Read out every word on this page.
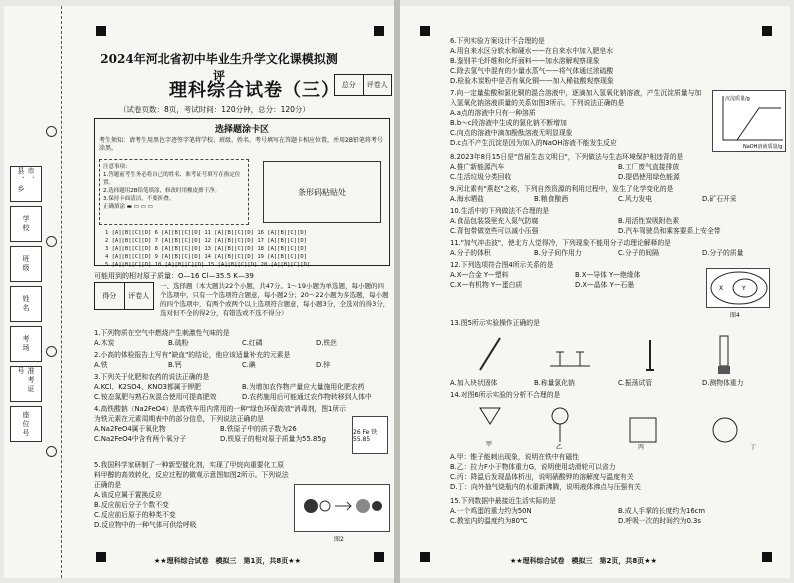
市、县、乡
学校
班级
姓名
考场
准考证号
座位号
2024年河北省初中毕业生升学文化课模拟测评
理科综合试卷（三） 总分	评卷人
（试卷页数：8页，考试时间：120分钟，总分：120分）
选择题涂卡区
考生须知：请考生用黑色字迹签字笔将学校、班级、姓名、考号填写在答题卡相应位置，并用2B铅笔将考号涂黑。
注意事项：
1.答题前考生务必将自己的姓名、准考证号填写在指定位置。
2.选择题用2B铅笔填涂，修改时用橡皮擦干净。
3.保持卡面清洁，不要折叠。
正确填涂 ▬ ▭ ▭ ▭
条形码粘贴处
1 [A][B][C][D] 6 [A][B][C][D] 11 [A][B][C][D] 16 [A][B][C][D]
2 [A][B][C][D] 7 [A][B][C][D] 12 [A][B][C][D] 17 [A][B][C][D]
3 [A][B][C][D] 8 [A][B][C][D] 13 [A][B][C][D] 18 [A][B][C][D]
4 [A][B][C][D] 9 [A][B][C][D] 14 [A][B][C][D] 19 [A][B][C][D]
5 [A][B][C][D] 10 [A][B][C][D] 15 [A][B][C][D] 20 [A][B][C][D]
可能用到的相对原子质量：O—16 Cl—35.5 K—39
得分	评卷人
一、选择题（本大题共22个小题，共47分。1～19小题为单选题，每小题的四个选项中，只有一个选项符合题意，每小题2分；20～22小题为多选题，每小题的四个选项中，有两个或两个以上选项符合题意，每小题3分，全选对的得3分，选对但不全的得2分，有错选或不选不得分）
1.下列物质在空气中燃烧产生刺激性气味的是
A.木炭	B.硫粉	C.红磷	D.铁丝
2.小高的体检报告上写有"缺血"的结论，他应该适量补充的元素是
A.铁	B.钙	C.碘	D.锌
3.下列关于化肥和农药的说法正确的是
A.KCl、K2SO4、KNO3都属于钾肥	B.为增加农作物产量应大量施用化肥农药
C.铵态氮肥与熟石灰混合使用可提高肥效	D.农药施用后可能通过农作物转移到人体中
4.高铁酸钠（Na2FeO4）是高铁车用内常用的一种"绿色环保高效"消毒剂，图1所示为铁元素在元素周期表中的部分信息，下列说法正确的是
A.Na2FeO4属于氧化物	B.铁原子中的质子数为26
C.Na2FeO4中含有两个氧分子	D.铁原子的相对原子质量为55.85g
26 Fe 铁 55.85
5.我国科学家研制了一种新型催化剂，实现了甲烷向重要化工原料甲醇的高效转化，反应过程的微观示意图如图2所示。下列说法正确的是
A.该反应属于置换反应
B.反应前后分子个数不变
C.反应前后原子的种类不变
D.反应物中的一种气体可供给呼吸
图2
★★理科综合试卷　模拟三　第1页，共8页★★
6.下列实验方案设计不合理的是
A.用自来水区分软水和硬水——在自来水中加入肥皂水
B.鉴别羊毛纤维和化纤面料——加水溶解观察现象
C.除去氢气中混有的少量水蒸气——将气体通过浓硫酸
D.检验木炭粉中是否有氧化铜——加入稀盐酸观察现象
7.向一定量盐酸和氯化铜的混合溶液中，逐滴加入氢氧化钠溶液，产生沉淀质量与加入氢氧化钠溶液质量的关系如图3所示。下列说法正确的是
A.a点的溶液中只有一种溶质
B.b～c段溶液中生成的氯化钠不断增加
C.向点的溶液中滴加酚酞溶液无明显现象
D.c点不产生沉淀是因为加入的NaOH溶液不能发生反应
沉淀质量/g
NaOH溶液质量/g
8.2023年8月15日是"首届生态文明日"，下列做法与生态环境保护相违背的是
A.推广新能源汽车	B.工厂废气直接排放
C.生活垃圾分类回收	D.提倡使用绿色能源
9.河北素有"燕赵"之称，下列自然资源的利用过程中，发生了化学变化的是
A.海水晒盐	B.粮食酿酒	C.风力发电	D.矿石开采
10.生活中的下列做法不合理的是
A.食品包装袋里充入氮气防腐	B.用活性炭吸附色素
C.背包带做宽些可以减小压强	D.汽车驾驶员和乘客要系上安全带
11."加气冲击波"，使北方人觉得冷，下列现象不能用分子动理论解释的是
A.分子的体积	B.分子间作用力	C.分子的间隔	D.分子的质量
12.下列选项符合图4所示关系的是
A.X—合金 Y—塑料	B.X—导体 Y—绝缘体
C.X—有机物 Y—蛋白质	D.X—晶体 Y—石墨	X	Y
图4
13.图5所示实验操作正确的是
A.加入块状固体	B.称量氯化钠	C.振荡试管	D.测物体重力
14.对图6所示实验的分析不合理的是
甲	乙	丙	丁
A.甲：锥子能刺出现象，说明在铁中有磁性
B.乙：拉力F小于物体重力G，说明使用动滑轮可以省力
C.丙：降温后发现晶体析出，说明硝酸钾的溶解度与温度有关
D.丁：向外抽气烧瓶内的水重新沸腾，说明液体沸点与压强有关
15.下列数据中最接近生活实际的是
A.一个鸡蛋的重力约为50N	B.成人手掌的长度约为16cm
C.教室内的温度约为80℃	D.呼吸一次的时间约为0.3s
★★理科综合试卷　模拟三　第2页，共8页★★
